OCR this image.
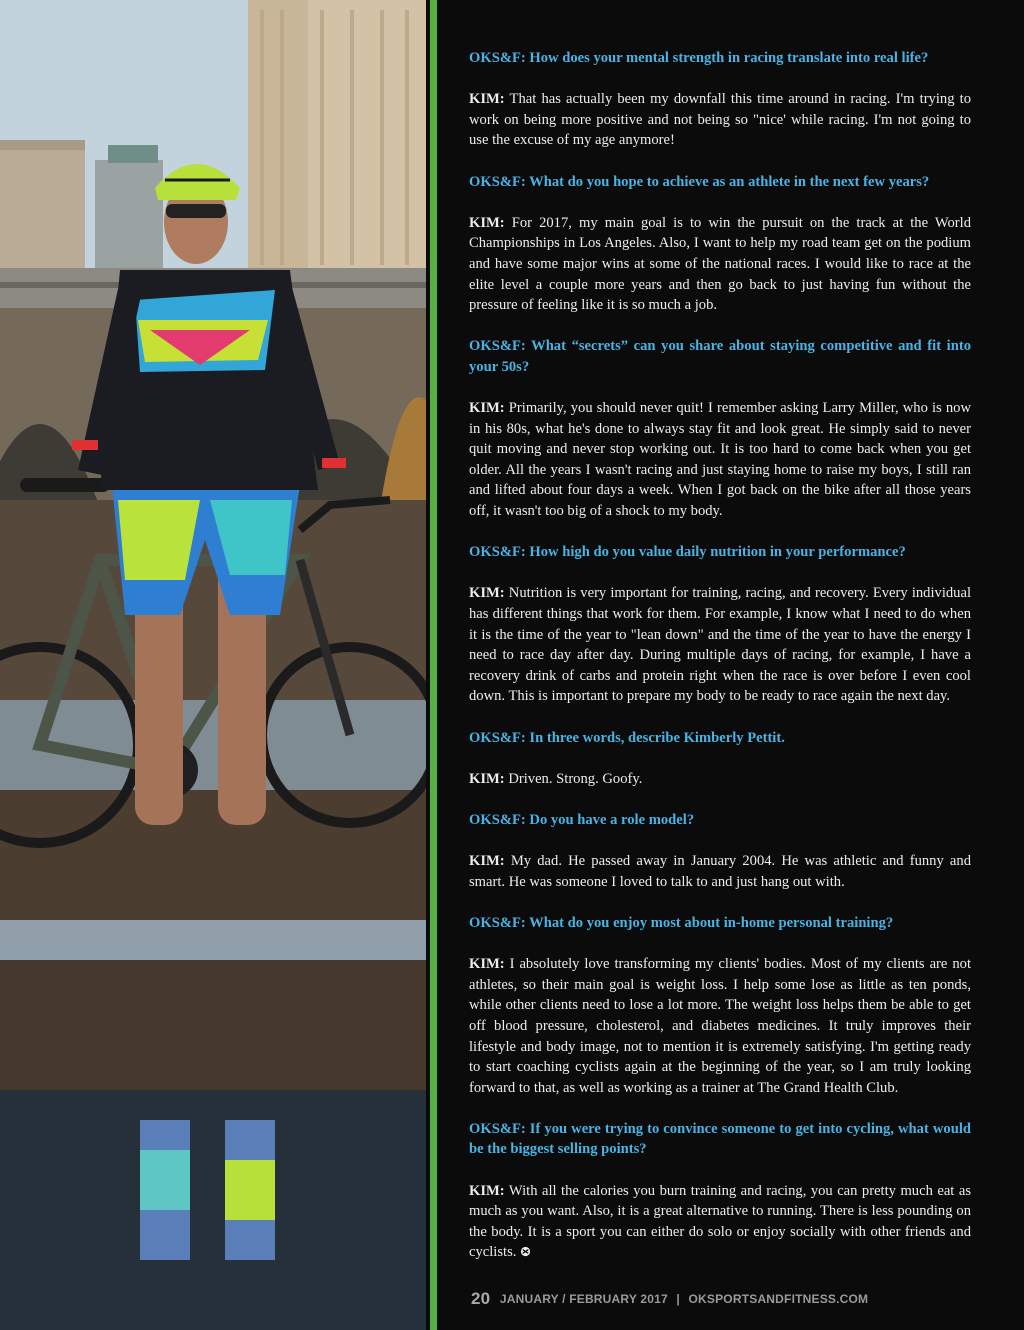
OKS&F: How does your mental strength in racing translate into real life?

KIM: That has actually been my downfall this time around in racing. I'm trying to work on being more positive and not being so "nice' while racing. I'm not going to use the excuse of my age anymore!

OKS&F: What do you hope to achieve as an athlete in the next few years?

KIM: For 2017, my main goal is to win the pursuit on the track at the World Championships in Los Angeles. Also, I want to help my road team get on the podium and have some major wins at some of the national races. I would like to race at the elite level a couple more years and then go back to just having fun without the pressure of feeling like it is so much a job.

OKS&F: What “secrets” can you share about staying competitive and fit into your 50s?

KIM: Primarily, you should never quit! I remember asking Larry Miller, who is now in his 80s, what he's done to always stay fit and look great. He simply said to never quit moving and never stop working out. It is too hard to come back when you get older. All the years I wasn't racing and just staying home to raise my boys, I still ran and lifted about four days a week. When I got back on the bike after all those years off, it wasn't too big of a shock to my body.

OKS&F: How high do you value daily nutrition in your performance?

KIM: Nutrition is very important for training, racing, and recovery. Every individual has different things that work for them. For example, I know what I need to do when it is the time of the year to "lean down" and the time of the year to have the energy I need to race day after day. During multiple days of racing, for example, I have a recovery drink of carbs and protein right when the race is over before I even cool down. This is important to prepare my body to be ready to race again the next day.

OKS&F: In three words, describe Kimberly Pettit.

KIM: Driven. Strong. Goofy.

OKS&F: Do you have a role model?

KIM: My dad. He passed away in January 2004. He was athletic and funny and smart. He was someone I loved to talk to and just hang out with.

OKS&F: What do you enjoy most about in-home personal training?

KIM: I absolutely love transforming my clients' bodies. Most of my clients are not athletes, so their main goal is weight loss. I help some lose as little as ten ponds, while other clients need to lose a lot more. The weight loss helps them be able to get off blood pressure, cholesterol, and diabetes medicines. It truly improves their lifestyle and body image, not to mention it is extremely satisfying. I'm getting ready to start coaching cyclists again at the beginning of the year, so I am truly looking forward to that, as well as working as a trainer at The Grand Health Club.

OKS&F: If you were trying to convince someone to get into cycling, what would be the biggest selling points?

KIM: With all the calories you burn training and racing, you can pretty much eat as much as you want. Also, it is a great alternative to running. There is less pounding on the body. It is a sport you can either do solo or enjoy socially with other friends and cyclists.

20 JANUARY / FEBRUARY 2017 | OKSPORTSANDFITNESS.COM
